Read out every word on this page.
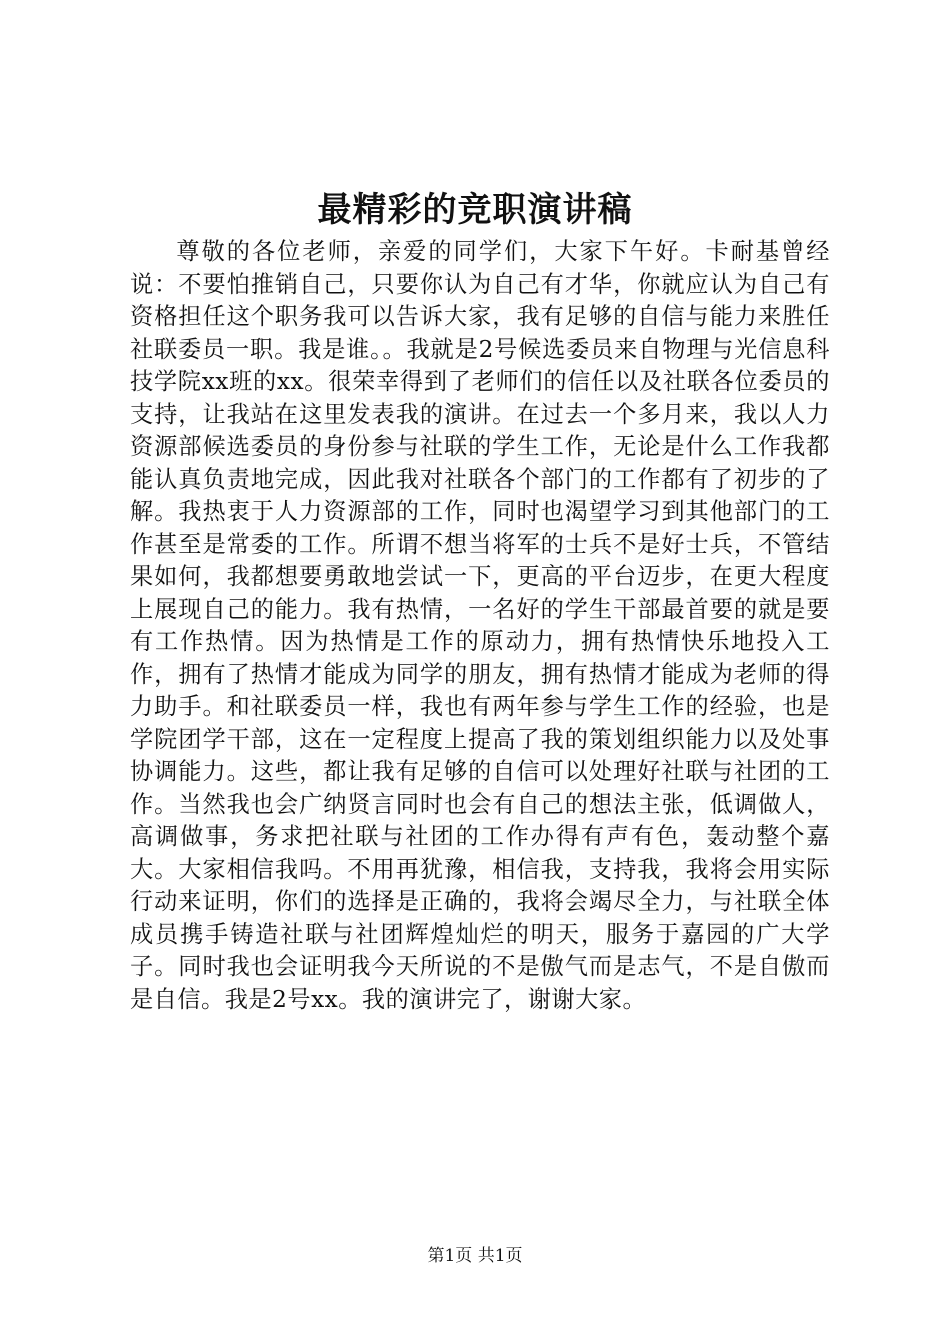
最精彩的竞职演讲稿

尊敬的各位老师，亲爱的同学们，大家下午好。卡耐基曾经说：不要怕推销自己，只要你认为自己有才华，你就应认为自己有资格担任这个职务我可以告诉大家，我有足够的自信与能力来胜任社联委员一职。我是谁。。我就是2号候选委员来自物理与光信息科技学院xx班的xx。很荣幸得到了老师们的信任以及社联各位委员的支持，让我站在这里发表我的演讲。在过去一个多月来，我以人力资源部候选委员的身份参与社联的学生工作，无论是什么工作我都能认真负责地完成，因此我对社联各个部门的工作都有了初步的了解。我热衷于人力资源部的工作，同时也渴望学习到其他部门的工作甚至是常委的工作。所谓不想当将军的士兵不是好士兵，不管结果如何，我都想要勇敢地尝试一下，更高的平台迈步，在更大程度上展现自己的能力。我有热情，一名好的学生干部最首要的就是要有工作热情。因为热情是工作的原动力，拥有热情快乐地投入工作，拥有了热情才能成为同学的朋友，拥有热情才能成为老师的得力助手。和社联委员一样，我也有两年参与学生工作的经验，也是学院团学干部，这在一定程度上提高了我的策划组织能力以及处事协调能力。这些，都让我有足够的自信可以处理好社联与社团的工作。当然我也会广纳贤言同时也会有自己的想法主张，低调做人，高调做事，务求把社联与社团的工作办得有声有色，轰动整个嘉大。大家相信我吗。不用再犹豫，相信我，支持我，我将会用实际行动来证明，你们的选择是正确的，我将会竭尽全力，与社联全体成员携手铸造社联与社团辉煌灿烂的明天，服务于嘉园的广大学子。同时我也会证明我今天所说的不是傲气而是志气，不是自傲而是自信。我是2号xx。我的演讲完了，谢谢大家。

第1页 共1页
